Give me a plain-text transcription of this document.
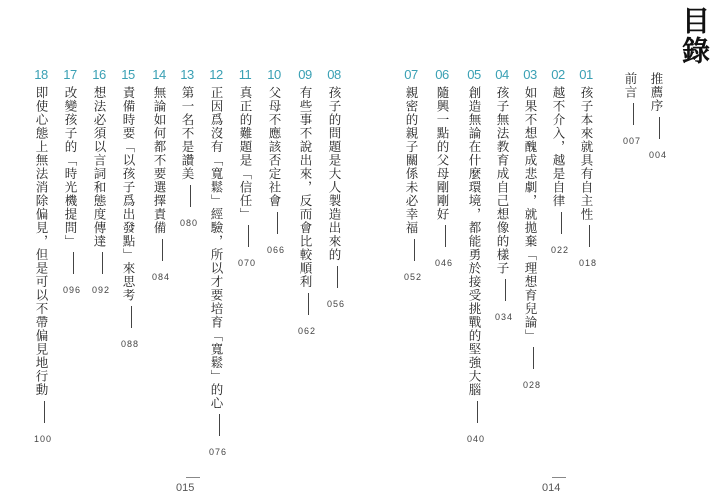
目錄
推薦序004
前言007
01
孩子本來就具有自主性018
02
越不介入，越是自律022
03
如果不想醜成悲劇，就拋棄「理想育兒論」028
04
孩子無法教育成自己想像的樣子034
05
創造無論在什麼環境，都能勇於接受挑戰的堅強大腦040
06
隨興一點的父母剛剛好046
07
親密的親子關係未必幸福052
08
孩子的問題是大人製造出來的056
09
有些事不說出來，反而會比較順利062
10
父母不應該否定社會066
11
真正的難題是「信任」070
12
正因爲沒有「寬鬆」經驗，所以才要培育「寬鬆」的心076
13
第一名不是讚美080
14
無論如何都不要選擇責備084
15
責備時要「以孩子爲出發點」來思考088
16
想法必須以言詞和態度傳達092
17
改變孩子的「時光機提問」096
18
即使心態上無法消除偏見，但是可以不帶偏見地行動100
015	014
